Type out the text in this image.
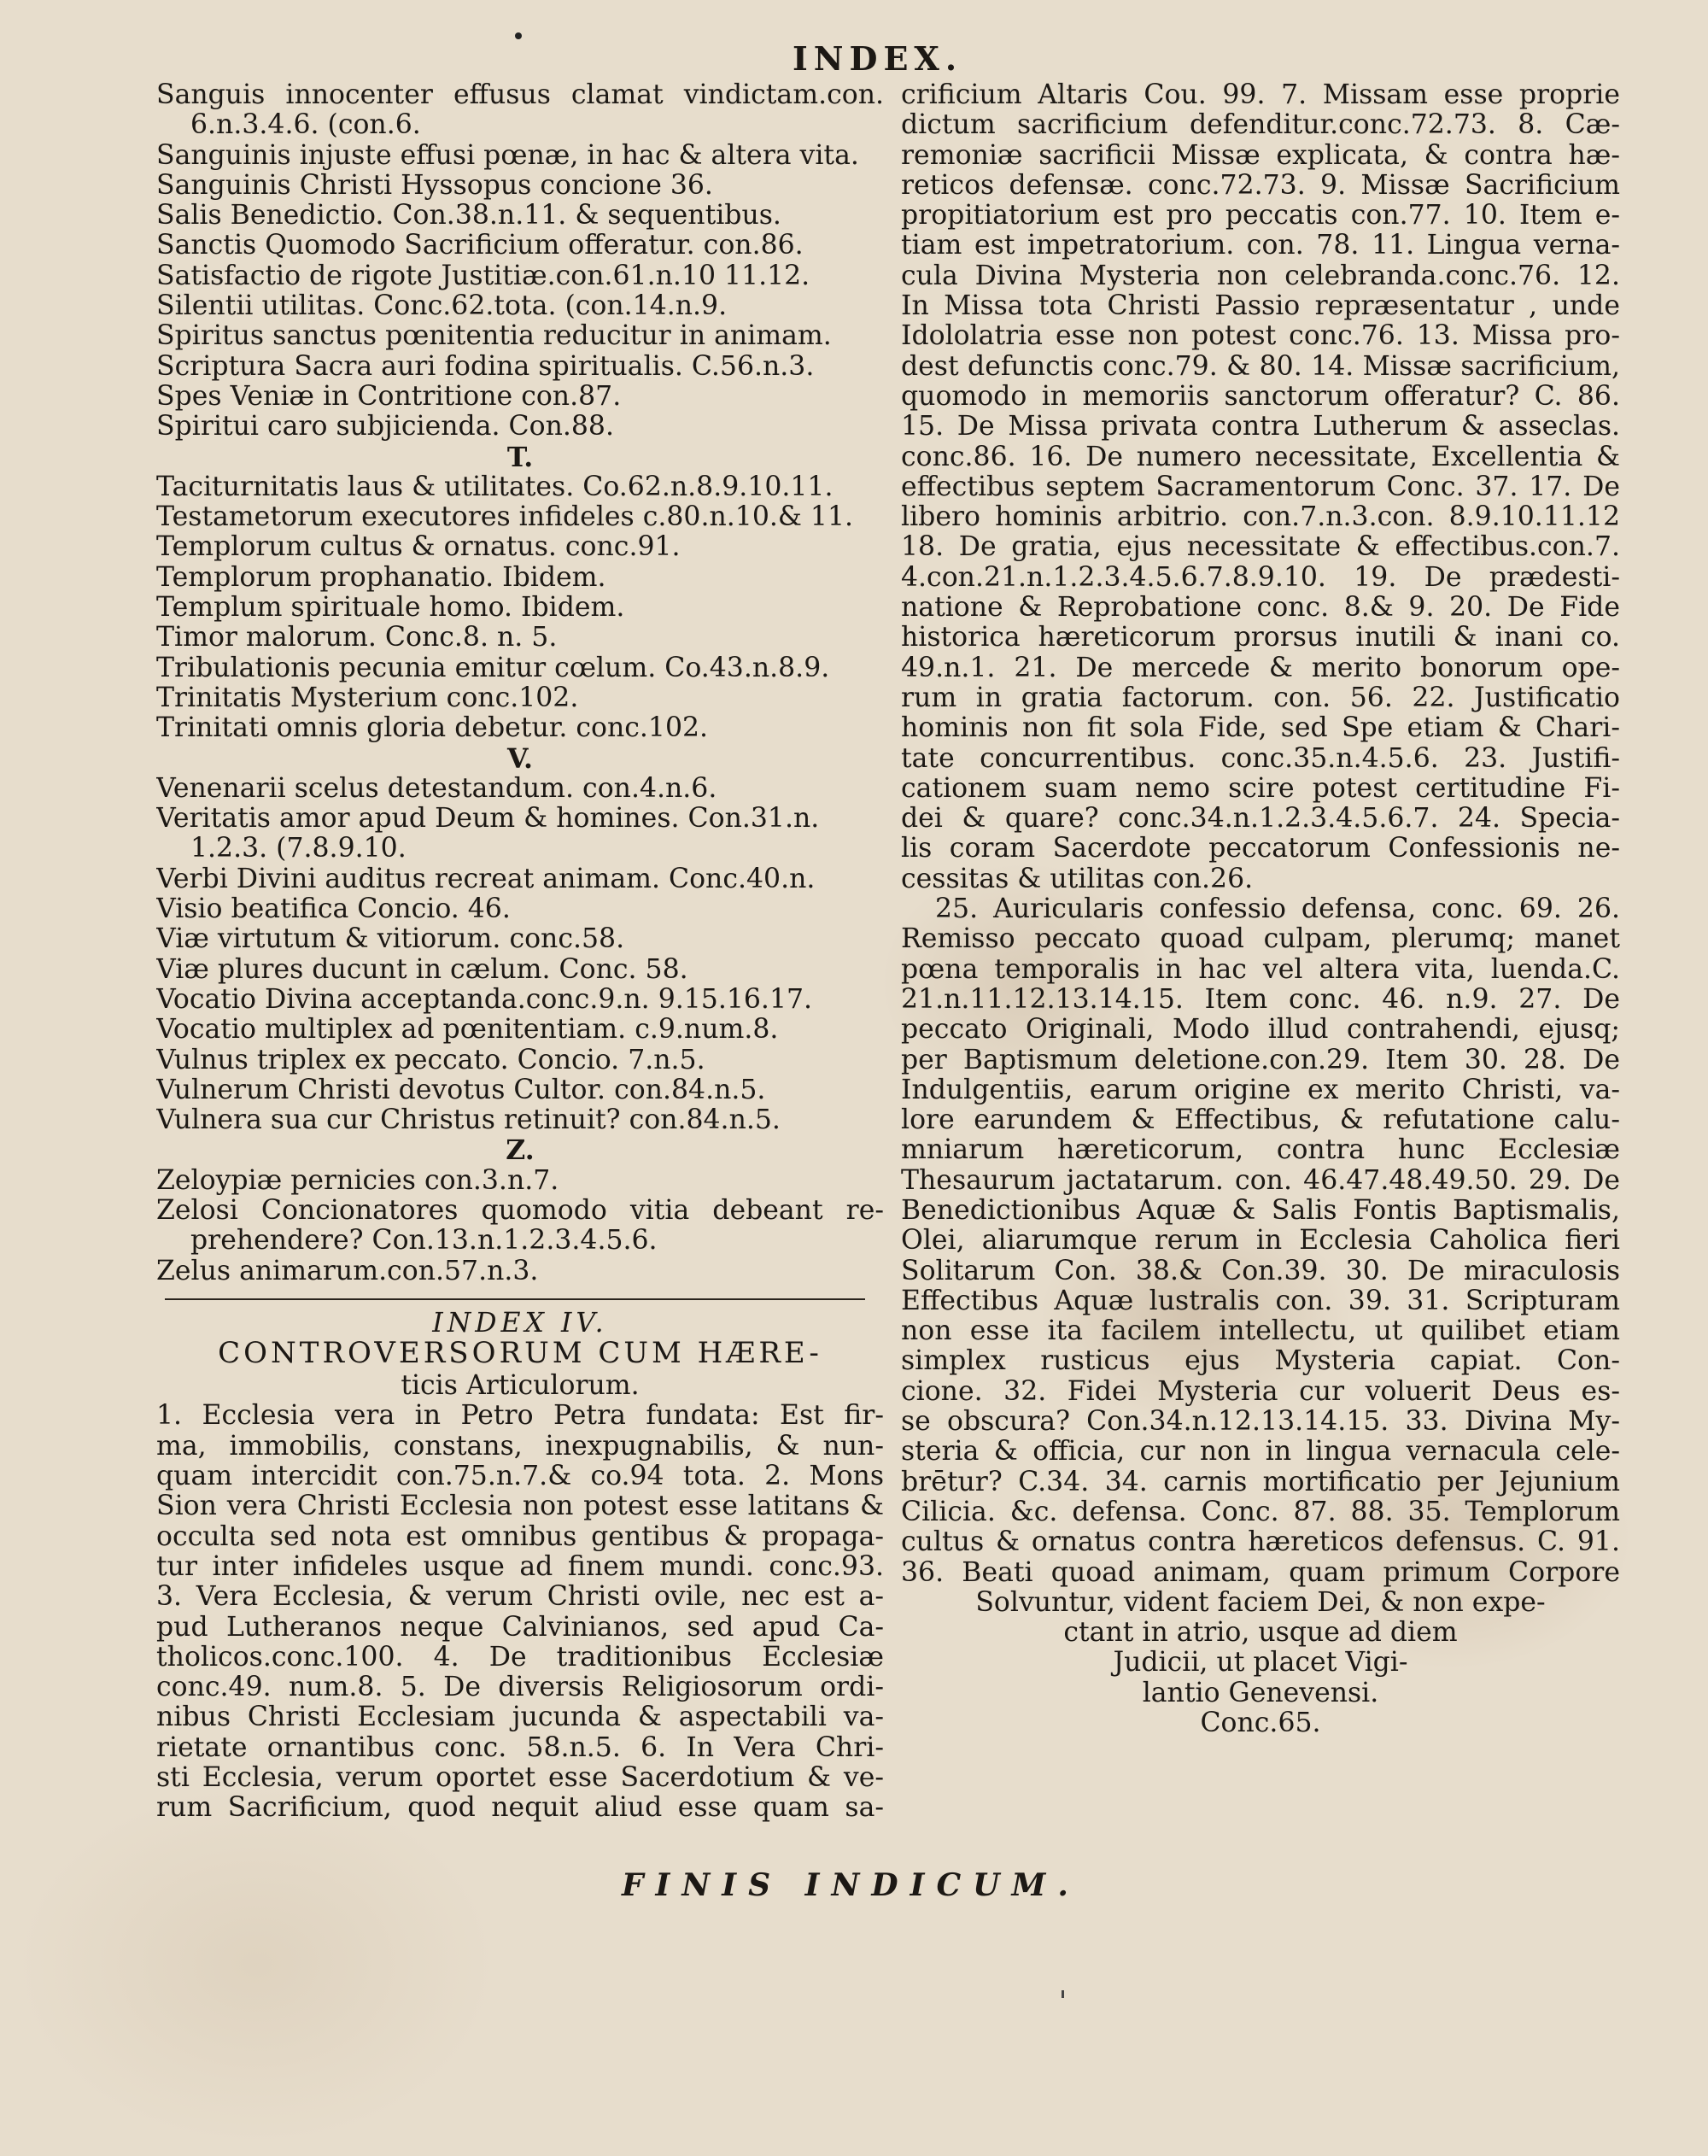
INDEX.
Sanguis innocenter effusus clamat vindictam.con.
6.n.3.4.6. (con.6.
Sanguinis injuste effusi pœnæ, in hac & altera vita.
Sanguinis Christi Hyssopus concione 36.
Salis Benedictio. Con.38.n.11. & sequentibus.
Sanctis Quomodo Sacrificium offeratur. con.86.
Satisfactio de rigote Justitiæ.con.61.n.10 11.12.
Silentii utilitas. Conc.62.tota. (con.14.n.9.
Spiritus sanctus pœnitentia reducitur in animam.
Scriptura Sacra auri fodina spiritualis. C.56.n.3.
Spes Veniæ in Contritione con.87.
Spiritui caro subjicienda. Con.88.
T.
Taciturnitatis laus & utilitates. Co.62.n.8.9.10.11.
Testametorum executores infideles c.80.n.10.& 11.
Templorum cultus & ornatus. conc.91.
Templorum prophanatio. Ibidem.
Templum spirituale homo. Ibidem.
Timor malorum. Conc.8. n. 5.
Tribulationis pecunia emitur cœlum. Co.43.n.8.9.
Trinitatis Mysterium conc.102.
Trinitati omnis gloria debetur. conc.102.
V.
Venenarii scelus detestandum. con.4.n.6.
Veritatis amor apud Deum & homines. Con.31.n.
1.2.3. (7.8.9.10.
Verbi Divini auditus recreat animam. Conc.40.n.
Visio beatifica Concio. 46.
Viæ virtutum & vitiorum. conc.58.
Viæ plures ducunt in cælum. Conc. 58.
Vocatio Divina acceptanda.conc.9.n. 9.15.16.17.
Vocatio multiplex ad pœnitentiam. c.9.num.8.
Vulnus triplex ex peccato. Concio. 7.n.5.
Vulnerum Christi devotus Cultor. con.84.n.5.
Vulnera sua cur Christus retinuit? con.84.n.5.
Z.
Zeloypiæ pernicies con.3.n.7.
Zelosi Concionatores quomodo vitia debeant re-
prehendere? Con.13.n.1.2.3.4.5.6.
Zelus animarum.con.57.n.3.
INDEX IV.
CONTROVERSORUM CUM HÆRE-
ticis Articulorum.
1. Ecclesia vera in Petro Petra fundata: Est fir-
ma, immobilis, constans, inexpugnabilis, & nun-
quam intercidit con.75.n.7.& co.94 tota. 2. Mons
Sion vera Christi Ecclesia non potest esse latitans &
occulta sed nota est omnibus gentibus & propaga-
tur inter infideles usque ad finem mundi. conc.93.
3. Vera Ecclesia, & verum Christi ovile, nec est a-
pud Lutheranos neque Calvinianos, sed apud Ca-
tholicos.conc.100. 4. De traditionibus Ecclesiæ
conc.49. num.8. 5. De diversis Religiosorum ordi-
nibus Christi Ecclesiam jucunda & aspectabili va-
rietate ornantibus conc. 58.n.5. 6. In Vera Chri-
sti Ecclesia, verum oportet esse Sacerdotium & ve-
rum Sacrificium, quod nequit aliud esse quam sa-
crificium Altaris Cou. 99. 7. Missam esse proprie
dictum sacrificium defenditur.conc.72.73. 8. Cæ-
remoniæ sacrificii Missæ explicata, & contra hæ-
reticos defensæ. conc.72.73. 9. Missæ Sacrificium
propitiatorium est pro peccatis con.77. 10. Item e-
tiam est impetratorium. con. 78. 11. Lingua verna-
cula Divina Mysteria non celebranda.conc.76. 12.
In Missa tota Christi Passio repræsentatur , unde
Idololatria esse non potest conc.76. 13. Missa pro-
dest defunctis conc.79. & 80. 14. Missæ sacrificium,
quomodo in memoriis sanctorum offeratur? C. 86.
15. De Missa privata contra Lutherum & asseclas.
conc.86. 16. De numero necessitate, Excellentia &
effectibus septem Sacramentorum Conc. 37. 17. De
libero hominis arbitrio. con.7.n.3.con. 8.9.10.11.12
18. De gratia, ejus necessitate & effectibus.con.7.
4.con.21.n.1.2.3.4.5.6.7.8.9.10. 19. De prædesti-
natione & Reprobatione conc. 8.& 9. 20. De Fide
historica hæreticorum prorsus inutili & inani co.
49.n.1. 21. De mercede & merito bonorum ope-
rum in gratia factorum. con. 56. 22. Justificatio
hominis non fit sola Fide, sed Spe etiam & Chari-
tate concurrentibus. conc.35.n.4.5.6. 23. Justifi-
cationem suam nemo scire potest certitudine Fi-
dei & quare? conc.34.n.1.2.3.4.5.6.7. 24. Specia-
lis coram Sacerdote peccatorum Confessionis ne-
cessitas & utilitas con.26.
25. Auricularis confessio defensa, conc. 69. 26.
Remisso peccato quoad culpam, plerumq; manet
pœna temporalis in hac vel altera vita, luenda.C.
21.n.11.12.13.14.15. Item conc. 46. n.9. 27. De
peccato Originali, Modo illud contrahendi, ejusq;
per Baptismum deletione.con.29. Item 30. 28. De
Indulgentiis, earum origine ex merito Christi, va-
lore earundem & Effectibus, & refutatione calu-
mniarum hæreticorum, contra hunc Ecclesiæ
Thesaurum jactatarum. con. 46.47.48.49.50. 29. De
Benedictionibus Aquæ & Salis Fontis Baptismalis,
Olei, aliarumque rerum in Ecclesia Caholica fieri
Solitarum Con. 38.& Con.39. 30. De miraculosis
Effectibus Aquæ lustralis con. 39. 31. Scripturam
non esse ita facilem intellectu, ut quilibet etiam
simplex rusticus ejus Mysteria capiat. Con-
cione. 32. Fidei Mysteria cur voluerit Deus es-
se obscura? Con.34.n.12.13.14.15. 33. Divina My-
steria & officia, cur non in lingua vernacula cele-
brētur? C.34. 34. carnis mortificatio per Jejunium
Cilicia. &c. defensa. Conc. 87. 88. 35. Templorum
cultus & ornatus contra hæreticos defensus. C. 91.
36. Beati quoad animam, quam primum Corpore
Solvuntur, vident faciem Dei, & non expe-
ctant in atrio, usque ad diem
Judicii, ut placet Vigi-
lantio Genevensi.
Conc.65.
FINIS INDICUM.
